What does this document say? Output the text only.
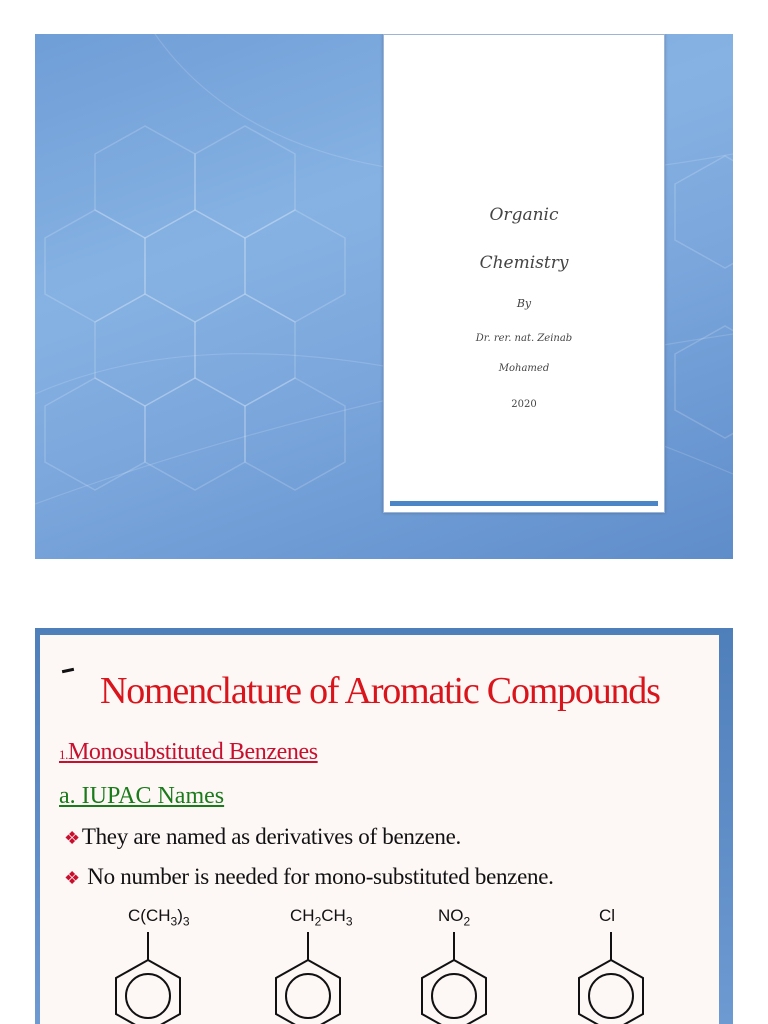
Organic
Chemistry
By
Dr. rer. nat. Zeinab
Mohamed
2020
Nomenclature of Aromatic Compounds
1.Monosubstituted Benzenes
a. IUPAC Names
❖They are named as derivatives of benzene.
❖ No number is needed for mono-substituted benzene.
$C(CH_3)_3$	$CH_2CH_3$	$NO_2$	Cl
